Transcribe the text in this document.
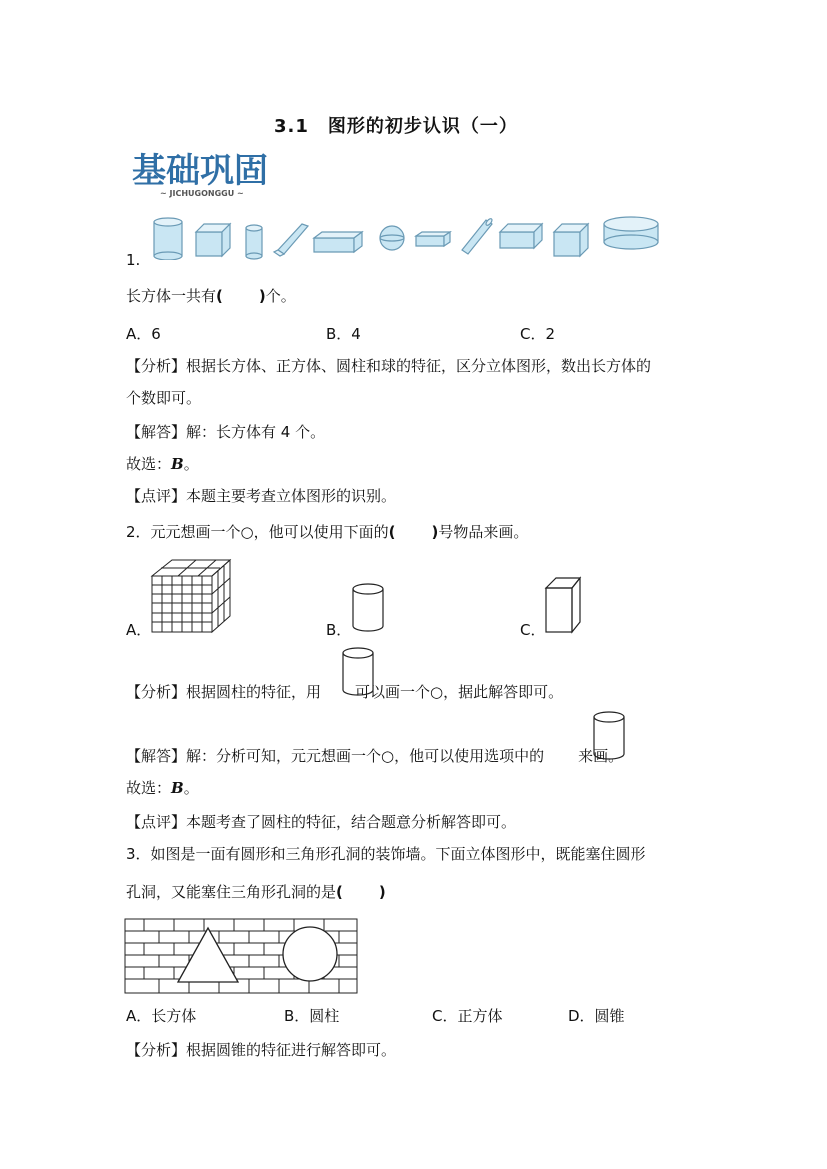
3.1　图形的初步认识（一）
基础巩固
~ JICHUGONGGU ~
1.
长方体一共有( )个。
A．6	B．4	C．2
【分析】根据长方体、正方体、圆柱和球的特征，区分立体图形，数出长方体的
个数即可。
【解答】解：长方体有 4 个。
故选：B。
【点评】本题主要考查立体图形的识别。
2．元元想画一个○，他可以使用下面的( )号物品来画。
A．	B．	C．
【分析】根据圆柱的特征，用 可以画一个○，据此解答即可。
【解答】解：分析可知，元元想画一个○，他可以使用选项中的 来画。
故选：B。
【点评】本题考查了圆柱的特征，结合题意分析解答即可。
3．如图是一面有圆形和三角形孔洞的装饰墙。下面立体图形中，既能塞住圆形
孔洞，又能塞住三角形孔洞的是( )
A．长方体	B．圆柱	C．正方体	D．圆锥
【分析】根据圆锥的特征进行解答即可。
